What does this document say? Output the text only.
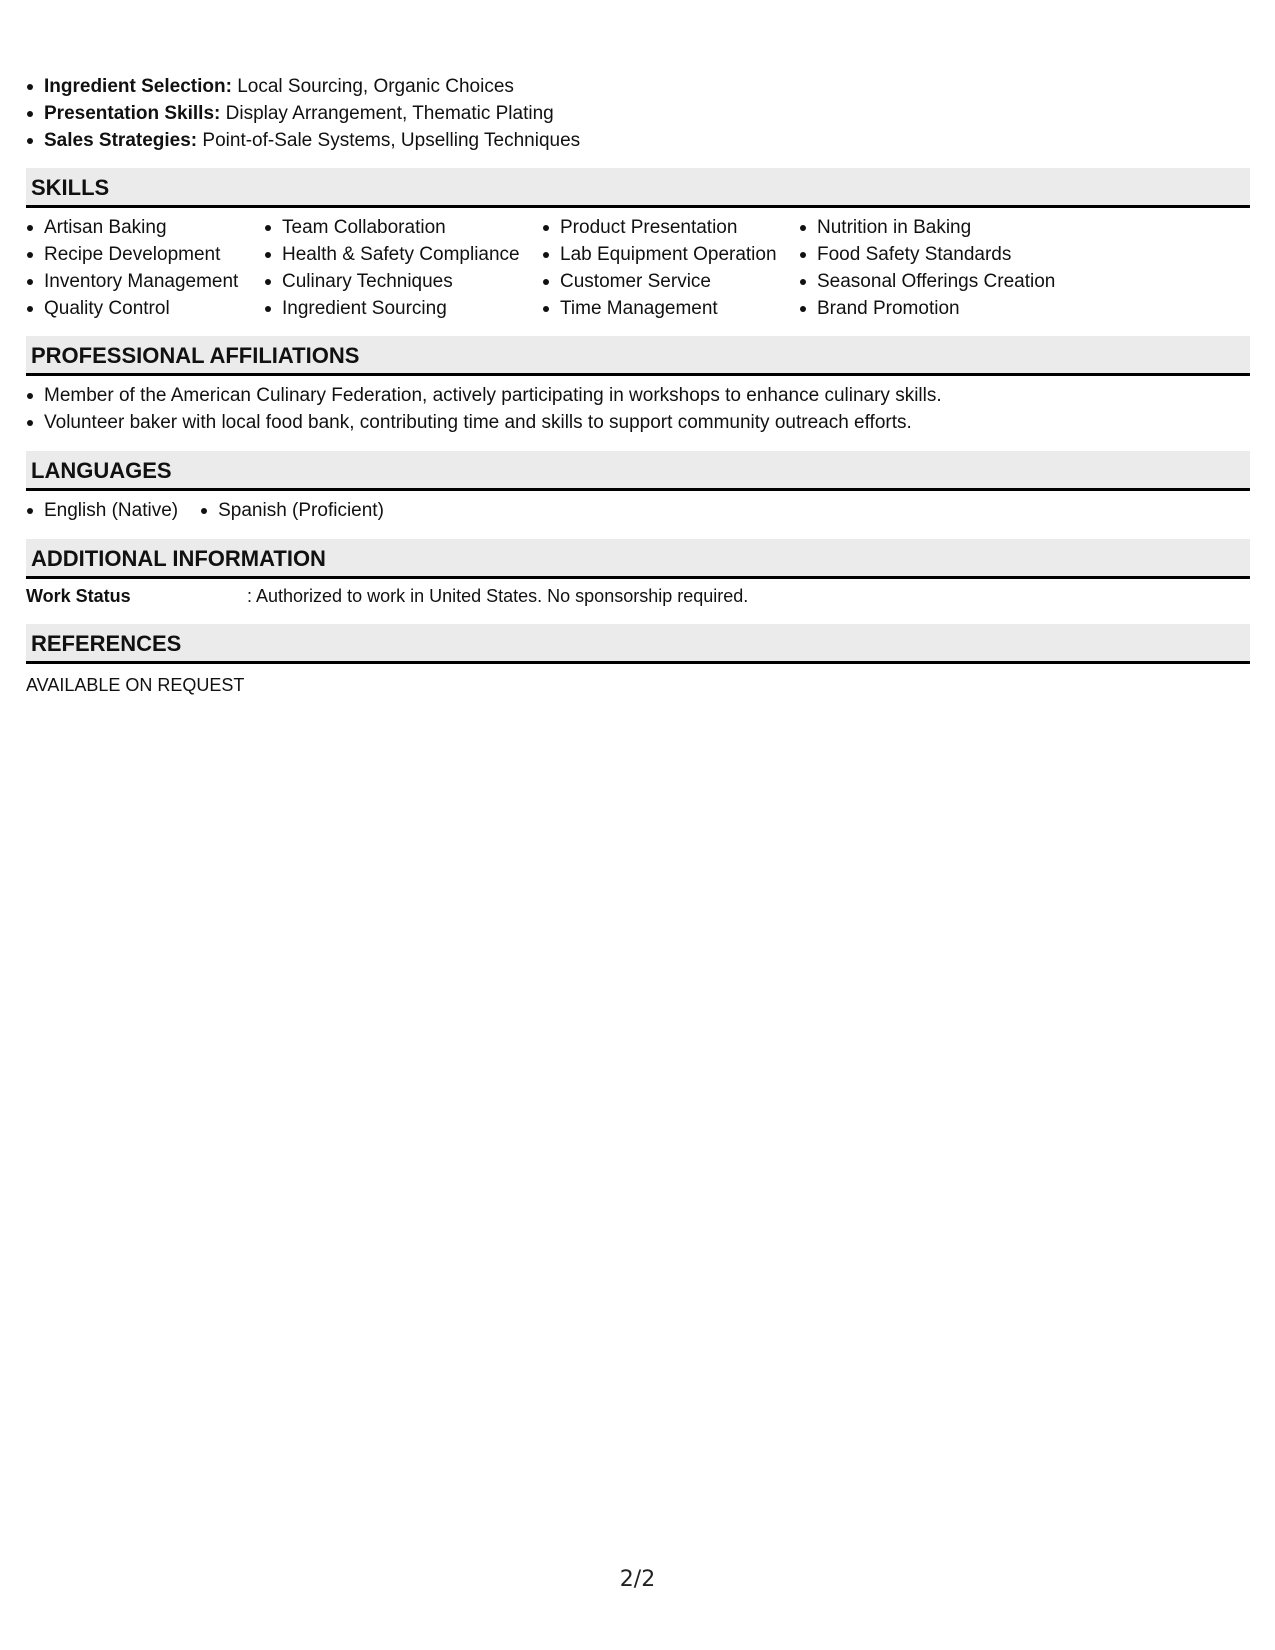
Ingredient Selection: Local Sourcing, Organic Choices
Presentation Skills: Display Arrangement, Thematic Plating
Sales Strategies: Point-of-Sale Systems, Upselling Techniques
SKILLS
Artisan Baking
Recipe Development
Inventory Management
Quality Control
Team Collaboration
Health & Safety Compliance
Culinary Techniques
Ingredient Sourcing
Product Presentation
Lab Equipment Operation
Customer Service
Time Management
Nutrition in Baking
Food Safety Standards
Seasonal Offerings Creation
Brand Promotion
PROFESSIONAL AFFILIATIONS
Member of the American Culinary Federation, actively participating in workshops to enhance culinary skills.
Volunteer baker with local food bank, contributing time and skills to support community outreach efforts.
LANGUAGES
English (Native)	Spanish (Proficient)
ADDITIONAL INFORMATION
Work Status	: Authorized to work in United States. No sponsorship required.
REFERENCES
AVAILABLE ON REQUEST
2/2
